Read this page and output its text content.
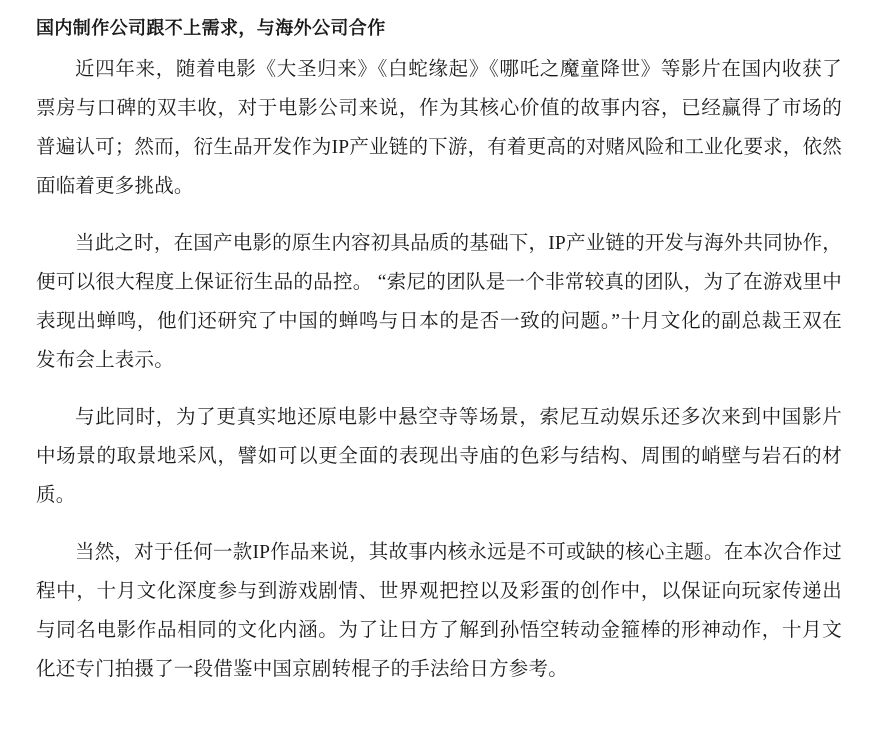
国内制作公司跟不上需求，与海外公司合作

近四年来，随着电影《大圣归来》《白蛇缘起》《哪吒之魔童降世》等影片在国内收获了票房与口碑的双丰收，对于电影公司来说，作为其核心价值的故事内容，已经赢得了市场的普遍认可；然而，衍生品开发作为IP产业链的下游，有着更高的对赌风险和工业化要求，依然面临着更多挑战。

当此之时，在国产电影的原生内容初具品质的基础下，IP产业链的开发与海外共同协作，便可以很大程度上保证衍生品的品控。 “索尼的团队是一个非常较真的团队，为了在游戏里中表现出蝉鸣，他们还研究了中国的蝉鸣与日本的是否一致的问题。”十月文化的副总裁王双在发布会上表示。

与此同时，为了更真实地还原电影中悬空寺等场景，索尼互动娱乐还多次来到中国影片中场景的取景地采风，譬如可以更全面的表现出寺庙的色彩与结构、周围的峭壁与岩石的材质。

当然，对于任何一款IP作品来说，其故事内核永远是不可或缺的核心主题。在本次合作过程中，十月文化深度参与到游戏剧情、世界观把控以及彩蛋的创作中，以保证向玩家传递出与同名电影作品相同的文化内涵。为了让日方了解到孙悟空转动金箍棒的形神动作，十月文化还专门拍摄了一段借鉴中国京剧转棍子的手法给日方参考。
